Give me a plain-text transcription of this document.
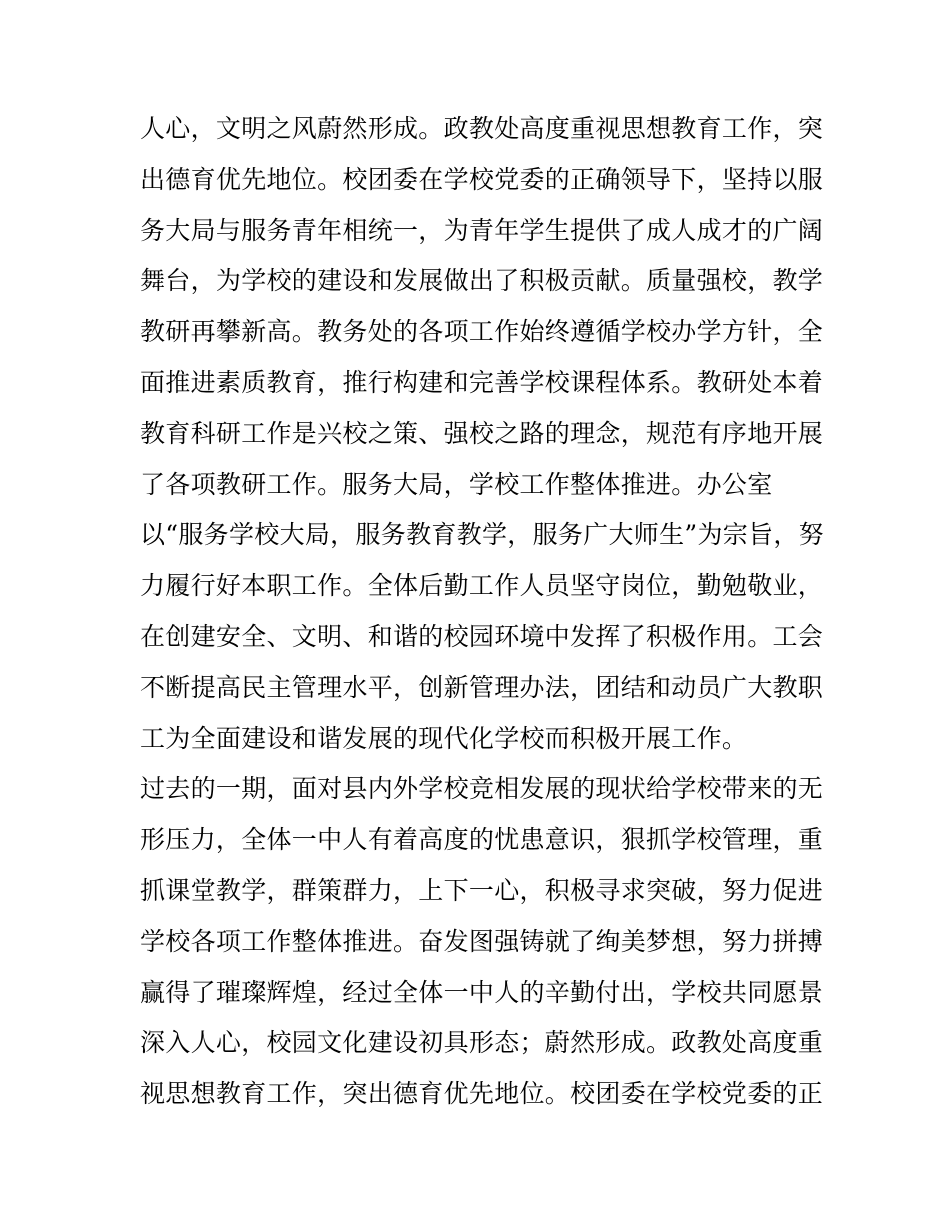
人心，文明之风蔚然形成。政教处高度重视思想教育工作，突
出德育优先地位。校团委在学校党委的正确领导下，坚持以服
务大局与服务青年相统一，为青年学生提供了成人成才的广阔
舞台，为学校的建设和发展做出了积极贡献。质量强校，教学
教研再攀新高。教务处的各项工作始终遵循学校办学方针，全
面推进素质教育，推行构建和完善学校课程体系。教研处本着
教育科研工作是兴校之策、强校之路的理念，规范有序地开展
了各项教研工作。服务大局，学校工作整体推进。办公室
以“服务学校大局，服务教育教学，服务广大师生”为宗旨，努
力履行好本职工作。全体后勤工作人员坚守岗位，勤勉敬业，
在创建安全、文明、和谐的校园环境中发挥了积极作用。工会
不断提高民主管理水平，创新管理办法，团结和动员广大教职
工为全面建设和谐发展的现代化学校而积极开展工作。
过去的一期，面对县内外学校竞相发展的现状给学校带来的无
形压力，全体一中人有着高度的忧患意识，狠抓学校管理，重
抓课堂教学，群策群力，上下一心，积极寻求突破，努力促进
学校各项工作整体推进。奋发图强铸就了绚美梦想，努力拼搏
赢得了璀璨辉煌，经过全体一中人的辛勤付出，学校共同愿景
深入人心，校园文化建设初具形态；蔚然形成。政教处高度重
视思想教育工作，突出德育优先地位。校团委在学校党委的正
